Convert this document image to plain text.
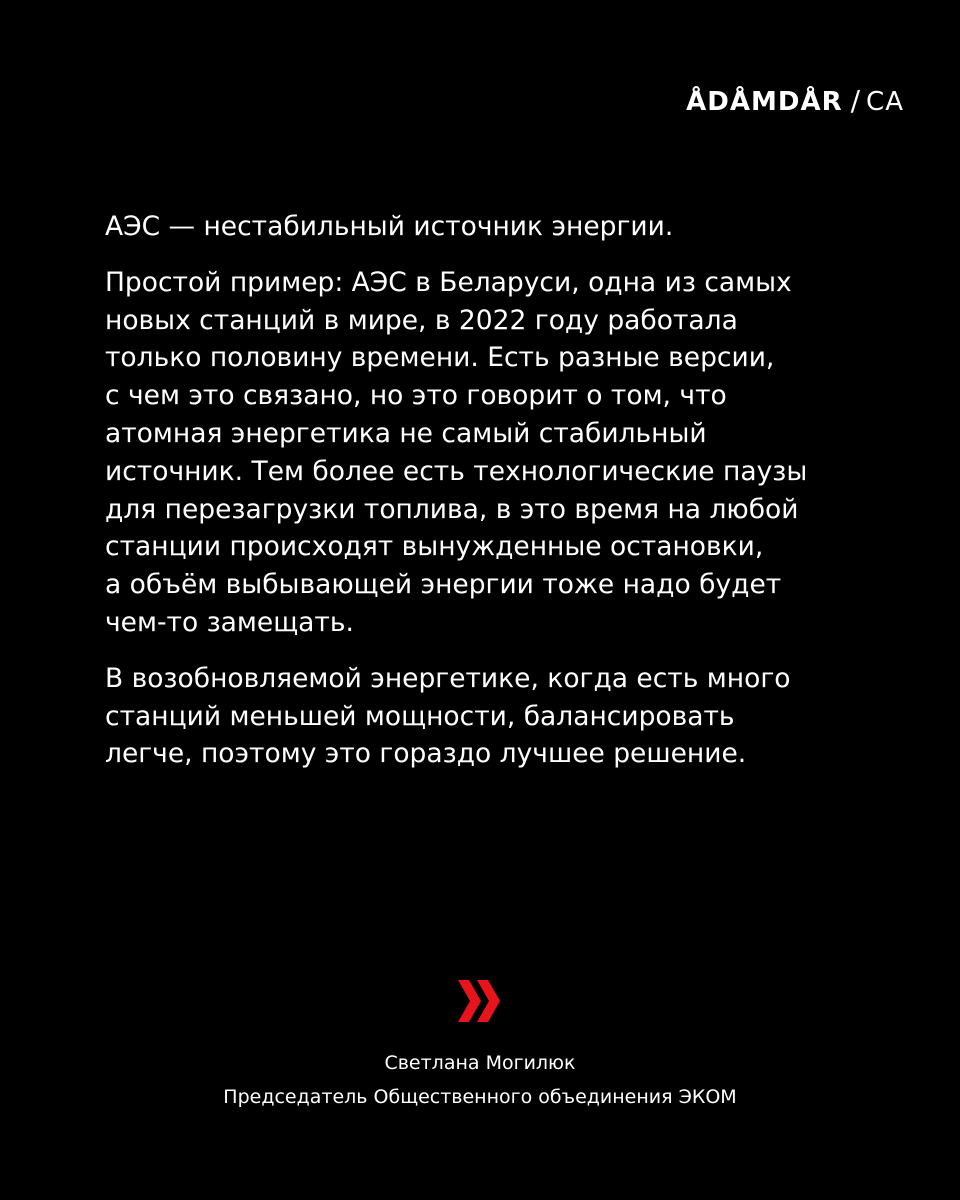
ÅDÅMDÅR / CA

АЭС — нестабильный источник энергии.

Простой пример: АЭС в Беларуси, одна из самых
новых станций в мире, в 2022 году работала
только половину времени. Есть разные версии,
с чем это связано, но это говорит о том, что
атомная энергетика не самый стабильный
источник. Тем более есть технологические паузы
для перезагрузки топлива, в это время на любой
станции происходят вынужденные остановки,
а объём выбывающей энергии тоже надо будет
чем-то замещать.

В возобновляемой энергетике, когда есть много
станций меньшей мощности, балансировать
легче, поэтому это гораздо лучшее решение.

Светлана Могилюк
Председатель Общественного объединения ЭКОМ
